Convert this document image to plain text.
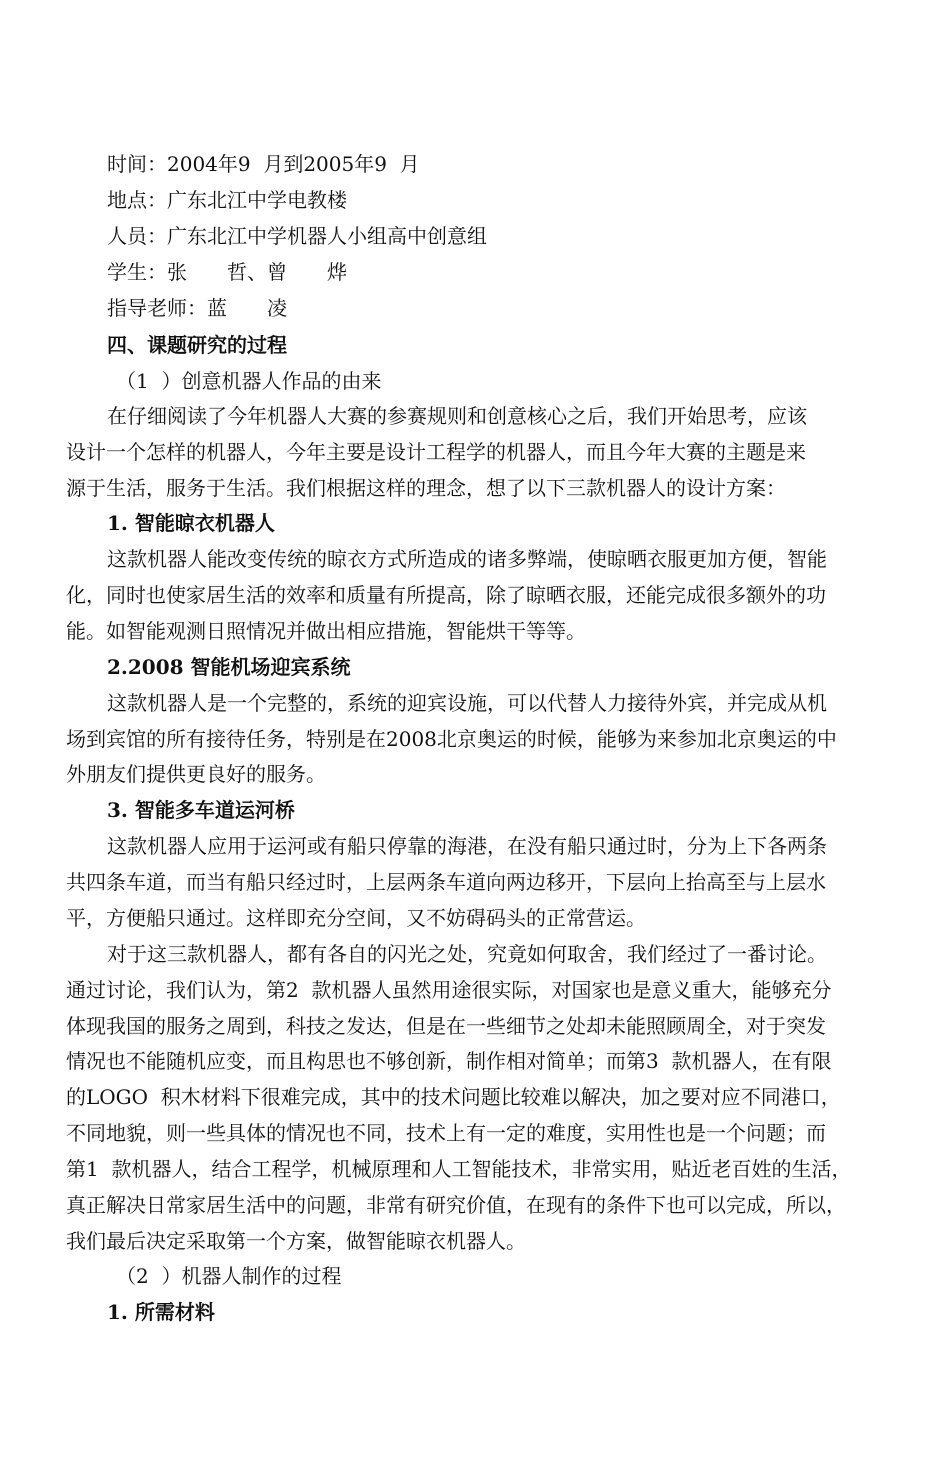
时间：2004年9  月到2005年9  月

地点：广东北江中学电教楼

人员：广东北江中学机器人小组高中创意组

学生：张　　哲、曾　　烨

指导老师：蓝　　凌

四、课题研究的过程

（1  ）创意机器人作品的由来

在仔细阅读了今年机器人大赛的参赛规则和创意核心之后，我们开始思考，应该

设计一个怎样的机器人，今年主要是设计工程学的机器人，而且今年大赛的主题是来

源于生活，服务于生活。我们根据这样的理念，想了以下三款机器人的设计方案：

1. 智能晾衣机器人

这款机器人能改变传统的晾衣方式所造成的诸多弊端，使晾晒衣服更加方便，智能

化，同时也使家居生活的效率和质量有所提高，除了晾晒衣服，还能完成很多额外的功

能。如智能观测日照情况并做出相应措施，智能烘干等等。

2.2008 智能机场迎宾系统

这款机器人是一个完整的，系统的迎宾设施，可以代替人力接待外宾，并完成从机

场到宾馆的所有接待任务，特别是在2008北京奥运的时候，能够为来参加北京奥运的中

外朋友们提供更良好的服务。

3. 智能多车道运河桥

这款机器人应用于运河或有船只停靠的海港，在没有船只通过时，分为上下各两条

共四条车道，而当有船只经过时，上层两条车道向两边移开，下层向上抬高至与上层水

平，方便船只通过。这样即充分空间，又不妨碍码头的正常营运。

对于这三款机器人，都有各自的闪光之处，究竟如何取舍，我们经过了一番讨论。

通过讨论，我们认为，第2  款机器人虽然用途很实际，对国家也是意义重大，能够充分

体现我国的服务之周到，科技之发达，但是在一些细节之处却未能照顾周全，对于突发

情况也不能随机应变，而且构思也不够创新，制作相对简单；而第3  款机器人，在有限

的LOGO  积木材料下很难完成，其中的技术问题比较难以解决，加之要对应不同港口，

不同地貌，则一些具体的情况也不同，技术上有一定的难度，实用性也是一个问题；而

第1  款机器人，结合工程学，机械原理和人工智能技术，非常实用，贴近老百姓的生活，

真正解决日常家居生活中的问题，非常有研究价值，在现有的条件下也可以完成，所以，

我们最后决定采取第一个方案，做智能晾衣机器人。

（2  ）机器人制作的过程

1. 所需材料
